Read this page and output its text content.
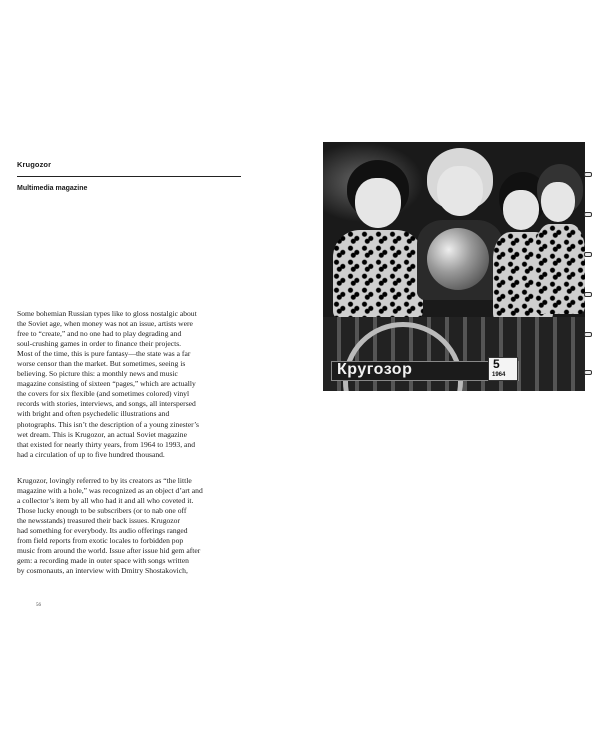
Krugozor
Multimedia magazine

Some bohemian Russian types like to gloss nostalgic about
the Soviet age, when money was not an issue, artists were
free to “create,” and no one had to play degrading and
soul-crushing games in order to finance their projects.
Most of the time, this is pure fantasy—the state was a far
worse censor than the market. But sometimes, seeing is
believing. So picture this: a monthly news and music
magazine consisting of sixteen “pages,” which are actually
the covers for six flexible (and sometimes colored) vinyl
records with stories, interviews, and songs, all interspersed
with bright and often psychedelic illustrations and
photographs. This isn’t the description of a young zinester’s
wet dream. This is Krugozor, an actual Soviet magazine
that existed for nearly thirty years, from 1964 to 1993, and
had a circulation of up to five hundred thousand.

Krugozor, lovingly referred to by its creators as “the little
magazine with a hole,” was recognized as an object d’art and
a collector’s item by all who had it and all who coveted it.
Those lucky enough to be subscribers (or to nab one off
the newsstands) treasured their back issues. Krugozor
had something for everybody. Its audio offerings ranged
from field reports from exotic locales to forbidden pop
music from around the world. Issue after issue hid gem after
gem: a recording made in outer space with songs written
by cosmonauts, an interview with Dmitry Shostakovich,

56
Кругозор	5
1964
